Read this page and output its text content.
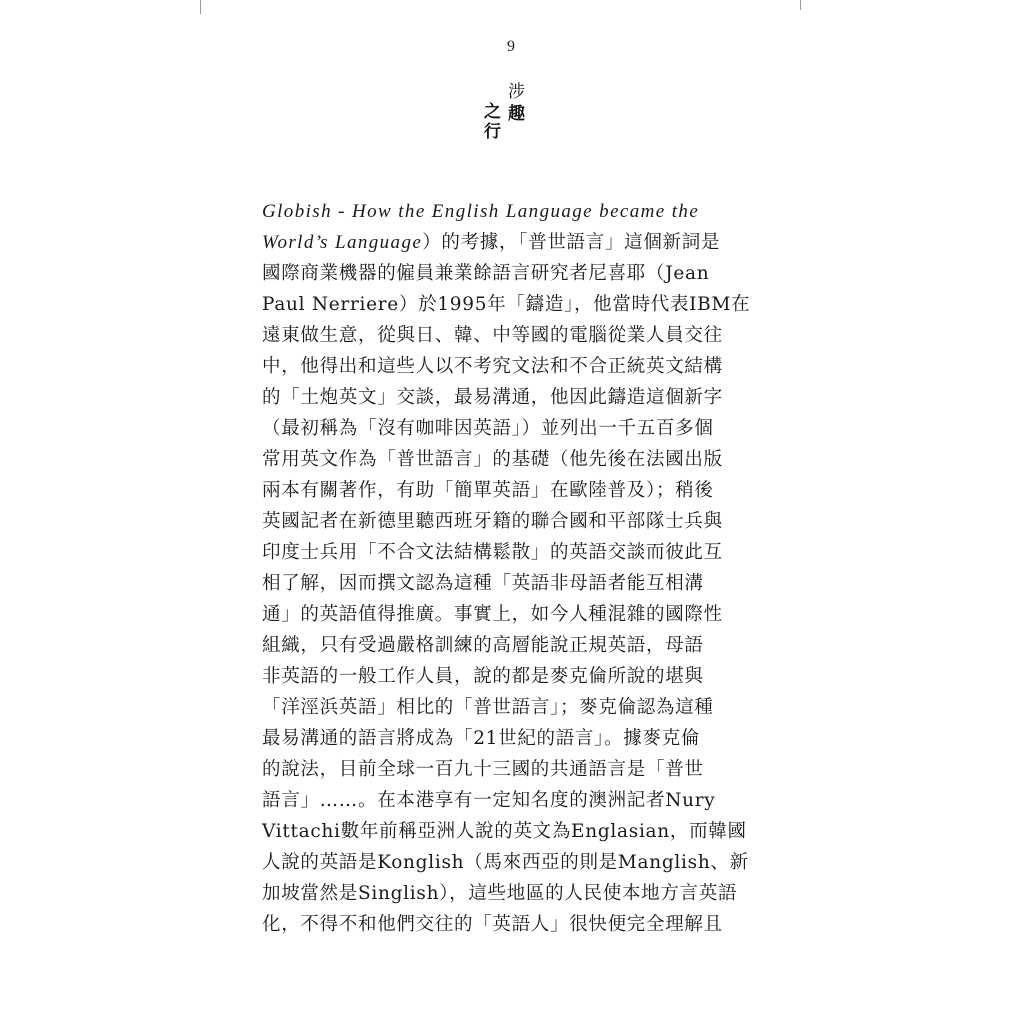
9
涉
趣
之
行
Globish - How the English Language became the
World’s Language）的考據，「普世語言」這個新詞是
國際商業機器的僱員兼業餘語言研究者尼喜耶（Jean
Paul Nerriere）於1995年「鑄造」，他當時代表IBM在
遠東做生意，從與日、韓、中等國的電腦從業人員交往
中，他得出和這些人以不考究文法和不合正統英文結構
的「土炮英文」交談，最易溝通，他因此鑄造這個新字
（最初稱為「沒有咖啡因英語」）並列出一千五百多個
常用英文作為「普世語言」的基礎（他先後在法國出版
兩本有關著作，有助「簡單英語」在歐陸普及）；稍後
英國記者在新德里聽西班牙籍的聯合國和平部隊士兵與
印度士兵用「不合文法結構鬆散」的英語交談而彼此互
相了解，因而撰文認為這種「英語非母語者能互相溝
通」的英語值得推廣。事實上，如今人種混雜的國際性
組織，只有受過嚴格訓練的高層能說正規英語，母語
非英語的一般工作人員，說的都是麥克倫所說的堪與
「洋涇浜英語」相比的「普世語言」；麥克倫認為這種
最易溝通的語言將成為「21世紀的語言」。據麥克倫
的說法，目前全球一百九十三國的共通語言是「普世
語言」……。在本港享有一定知名度的澳洲記者Nury
Vittachi數年前稱亞洲人說的英文為Englasian，而韓國
人說的英語是Konglish（馬來西亞的則是Manglish、新
加坡當然是Singlish），這些地區的人民使本地方言英語
化，不得不和他們交往的「英語人」很快便完全理解且
